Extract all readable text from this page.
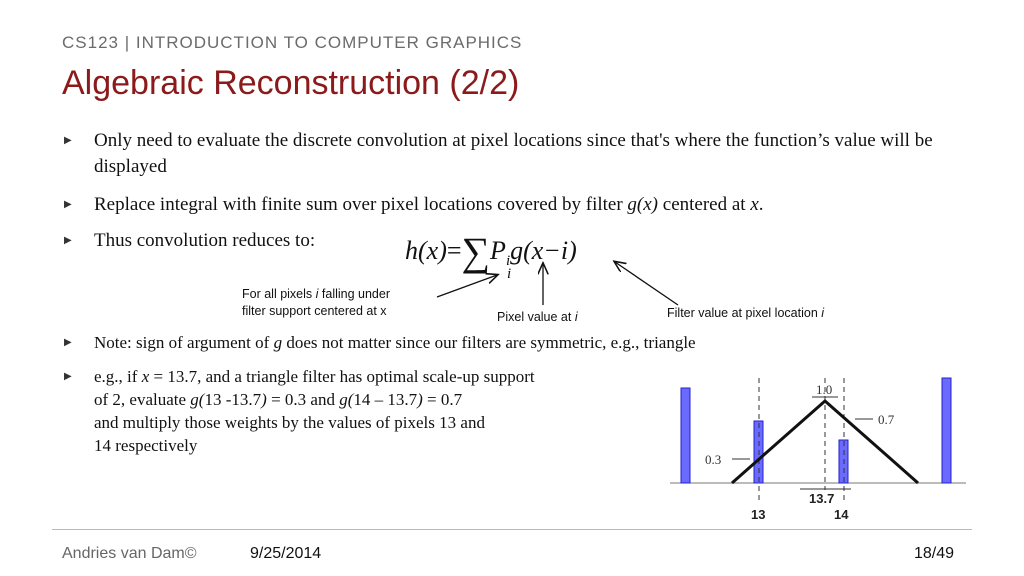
CS123 | INTRODUCTION TO COMPUTER GRAPHICS
Algebraic Reconstruction (2/2)
▶ Only need to evaluate the discrete convolution at pixel locations since that's where the function’s value will be displayed
▶ Replace integral with finite sum over pixel locations covered by filter g(x) centered at x.
▶ Thus convolution reduces to:	h(x)=∑ i
$P_ig(x-i)$
For all pixels i falling under
filter support centered at x	Pixel value at i	Filter value at pixel location i
▶ Note: sign of argument of g does not matter since our filters are symmetric, e.g., triangle
▶ e.g., if x = 13.7, and a triangle filter has optimal scale-up support
of 2, evaluate g(13 -13.7) = 0.3 and g(14 – 13.7) = 0.7
and multiply those weights by the values of pixels 13 and
14 respectively
1.0
0.7
0.3
13.7
13	14
Andries van Dam©	9/25/2014	18/49
